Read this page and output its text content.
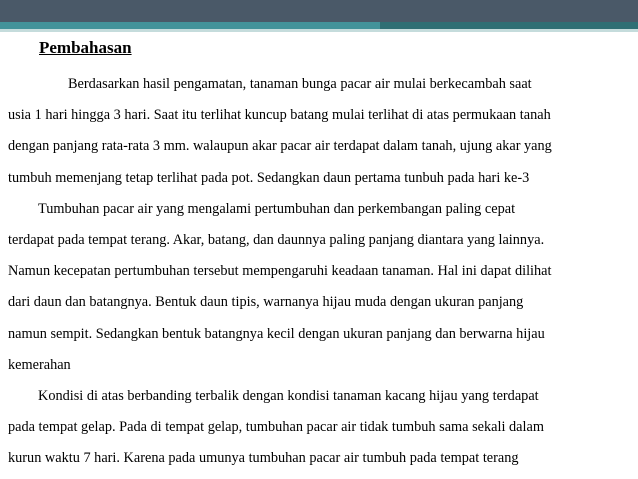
Pembahasan
Berdasarkan hasil pengamatan, tanaman bunga pacar air mulai berkecambah saat
usia 1 hari hingga 3 hari. Saat itu terlihat kuncup batang mulai terlihat di atas permukaan tanah
dengan panjang rata-rata 3 mm. walaupun akar pacar air terdapat dalam tanah, ujung akar yang
tumbuh memenjang tetap terlihat pada pot. Sedangkan daun pertama tunbuh pada hari ke-3
Tumbuhan pacar air yang mengalami pertumbuhan dan perkembangan paling cepat
terdapat pada tempat terang. Akar, batang, dan daunnya paling panjang diantara yang lainnya.
Namun kecepatan pertumbuhan tersebut mempengaruhi keadaan tanaman. Hal ini dapat dilihat
dari daun dan batangnya. Bentuk daun tipis, warnanya hijau muda dengan ukuran panjang
namun sempit. Sedangkan bentuk batangnya kecil dengan ukuran panjang dan berwarna hijau
kemerahan
Kondisi di atas berbanding terbalik dengan kondisi tanaman kacang hijau yang terdapat
pada tempat gelap. Pada di tempat gelap, tumbuhan pacar air tidak tumbuh sama sekali dalam
kurun waktu 7 hari. Karena pada umunya tumbuhan pacar air tumbuh pada tempat terang
